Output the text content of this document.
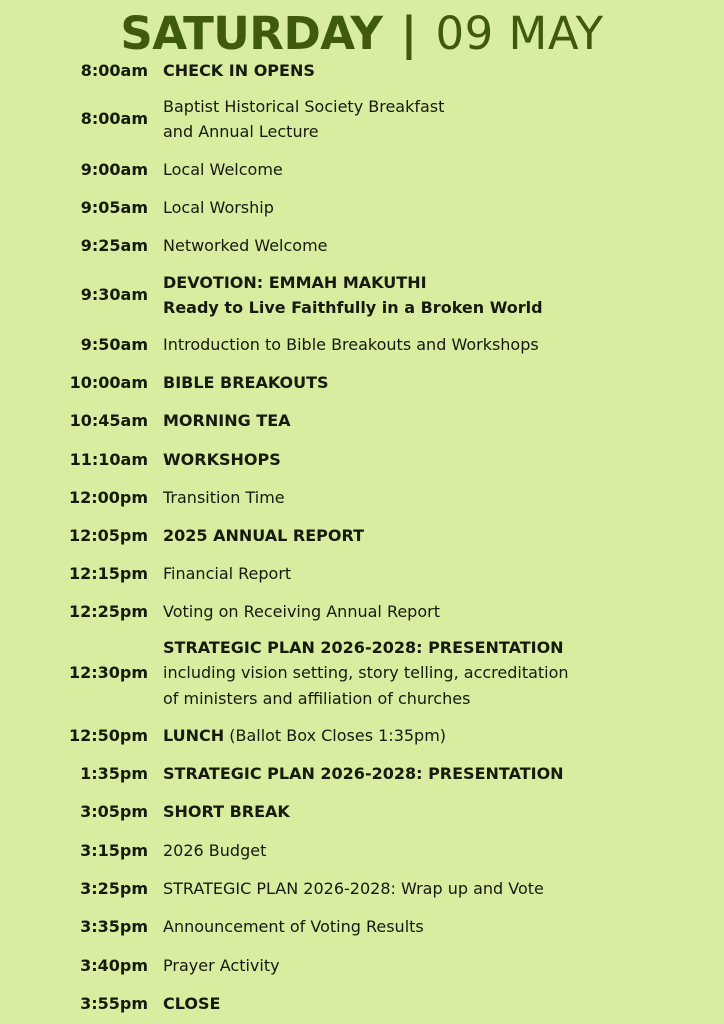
SATURDAY | 09 MAY
8:00am CHECK IN OPENS
8:00am
Baptist Historical Society Breakfast
and Annual Lecture
9:00am Local Welcome
9:05am Local Worship
9:25am Networked Welcome
9:30am
DEVOTION: EMMAH MAKUTHI
Ready to Live Faithfully in a Broken World
9:50am Introduction to Bible Breakouts and Workshops
10:00am BIBLE BREAKOUTS
10:45am MORNING TEA
11:10am WORKSHOPS
12:00pm Transition Time
12:05pm 2025 ANNUAL REPORT
12:15pm Financial Report
12:25pm Voting on Receiving Annual Report
12:30pm
STRATEGIC PLAN 2026-2028: PRESENTATION
including vision setting, story telling, accreditation
of ministers and affiliation of churches
12:50pm LUNCH (Ballot Box Closes 1:35pm)
1:35pm STRATEGIC PLAN 2026-2028: PRESENTATION
3:05pm SHORT BREAK
3:15pm 2026 Budget
3:25pm STRATEGIC PLAN 2026-2028: Wrap up and Vote
3:35pm Announcement of Voting Results
3:40pm Prayer Activity
3:55pm CLOSE
